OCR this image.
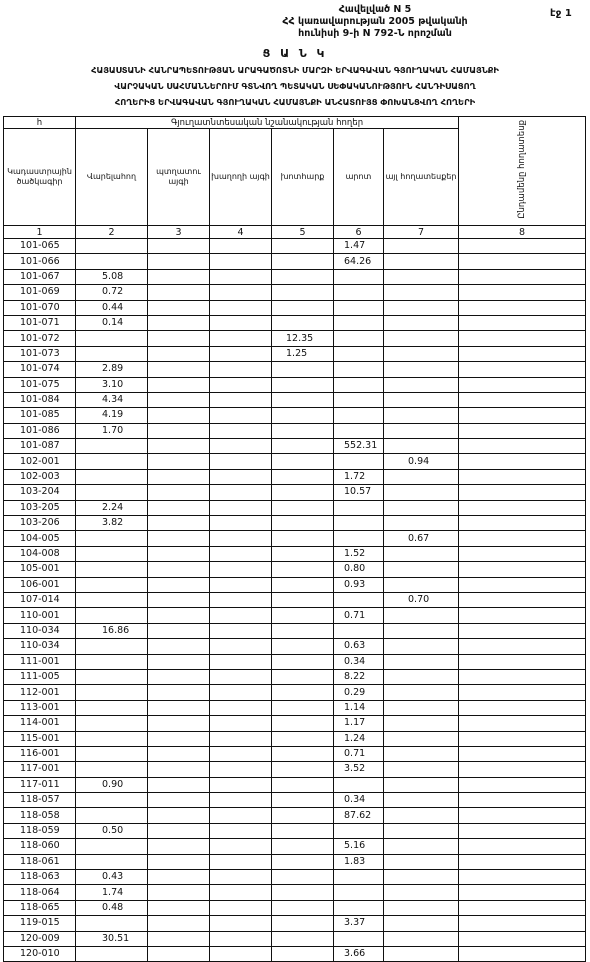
Հավելված N 5
ՀՀ կառավարության 2005 թվականի
հունիսի 9-ի N 792-Ն որոշման
էջ 1
Ց Ա Ն Կ
ՀԱՅԱՍՏԱՆԻ ՀԱՆՐԱՊԵՏՈՒԹՅԱՆ ԱՐԱԳԱԾՈՏՆԻ ՄԱՐԶԻ ԵՐՎԱԳԱՎԱՆ ԳՅՈՒՂԱԿԱՆ ՀԱՄԱՅՆՔԻ
ՎԱՐՉԱԿԱՆ ՍԱՀՄԱՆՆԵՐՈՒՄ ԳՏՆՎՈՂ ՊԵՏԱԿԱՆ ՍԵՓԱԿԱՆՈՒԹՅՈՒՆ ՀԱՆԴԻՍԱՑՈՂ
ՀՈՂԵՐԻՑ ԵՐՎԱԳԱՎԱՆ ԳՅՈՒՂԱԿԱՆ ՀԱՄԱՅՆՔԻ ԱՆՀԱՏՈՒՅՑ ՓՈԽԱՆՑՎՈՂ ՀՈՂԵՐԻ
հ	Գյուղատնտեսական նշանակության հողեր						Ընդամենը հողատեսք
Կադաստրային ծածկագիր	Վարելահող	պտղատու այգի	խաղողի այգի	խոտհարք	արոտ	այլ հողատեսքեր	
1	2	3	4	5	6	7	8
101-065					1.47		
101-066					64.26		
101-067	5.08						
101-069	0.72						
101-070	0.44						
101-071	0.14						
101-072				12.35			
101-073				1.25			
101-074	2.89						
101-075	3.10						
101-084	4.34						
101-085	4.19						
101-086	1.70						
101-087					552.31		
102-001						0.94	
102-003					1.72		
103-204					10.57		
103-205	2.24						
103-206	3.82						
104-005						0.67	
104-008					1.52		
105-001					0.80		
106-001					0.93		
107-014						0.70	
110-001					0.71		
110-034	16.86						
110-034					0.63		
111-001					0.34		
111-005					8.22		
112-001					0.29		
113-001					1.14		
114-001					1.17		
115-001					1.24		
116-001					0.71		
117-001					3.52		
117-011	0.90						
118-057					0.34		
118-058					87.62		
118-059	0.50						
118-060					5.16		
118-061					1.83		
118-063	0.43						
118-064	1.74						
118-065	0.48						
119-015					3.37		
120-009	30.51						
120-010					3.66		
